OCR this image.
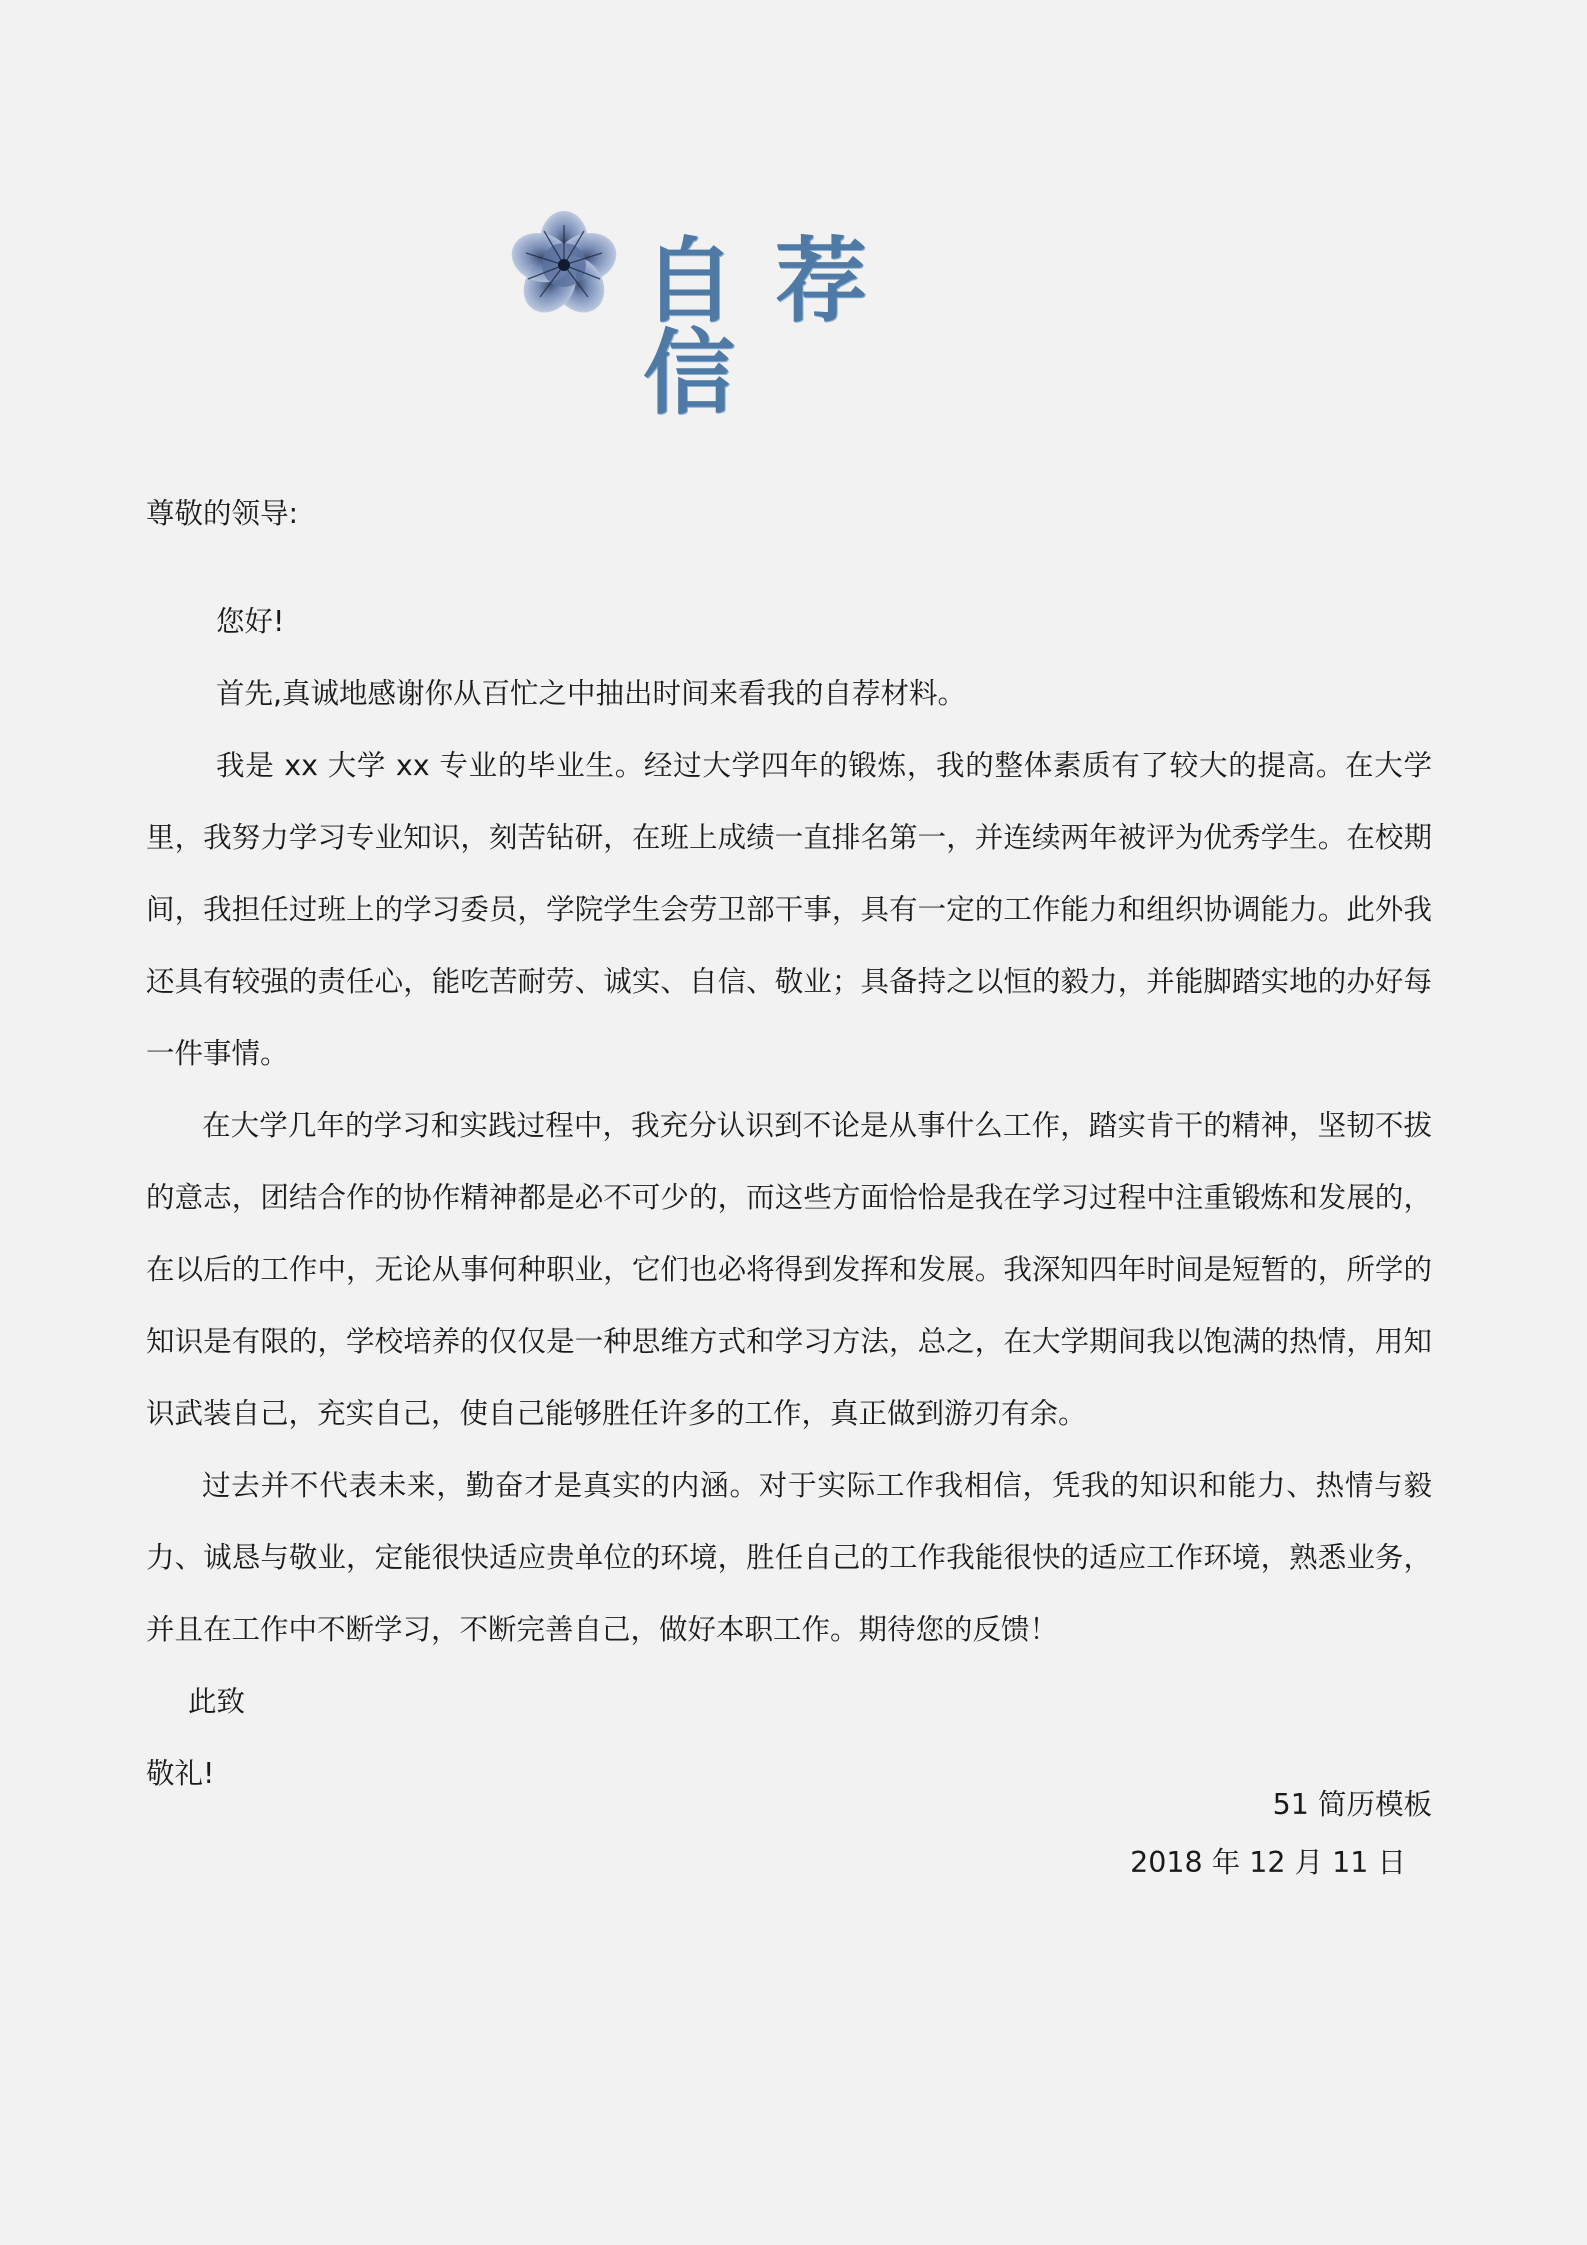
自荐信

尊敬的领导:

您好!

首先,真诚地感谢你从百忙之中抽出时间来看我的自荐材料。

我是 xx 大学 xx 专业的毕业生。经过大学四年的锻炼，我的整体素质有了较大的提高。在大学里，我努力学习专业知识，刻苦钻研，在班上成绩一直排名第一，并连续两年被评为优秀学生。在校期间，我担任过班上的学习委员，学院学生会劳卫部干事，具有一定的工作能力和组织协调能力。此外我还具有较强的责任心，能吃苦耐劳、诚实、自信、敬业；具备持之以恒的毅力，并能脚踏实地的办好每一件事情。

在大学几年的学习和实践过程中，我充分认识到不论是从事什么工作，踏实肯干的精神，坚韧不拔的意志，团结合作的协作精神都是必不可少的，而这些方面恰恰是我在学习过程中注重锻炼和发展的，在以后的工作中，无论从事何种职业，它们也必将得到发挥和发展。我深知四年时间是短暂的，所学的知识是有限的，学校培养的仅仅是一种思维方式和学习方法，总之，在大学期间我以饱满的热情，用知识武装自己，充实自己，使自己能够胜任许多的工作，真正做到游刃有余。

过去并不代表未来，勤奋才是真实的内涵。对于实际工作我相信，凭我的知识和能力、热情与毅力、诚恳与敬业，定能很快适应贵单位的环境，胜任自己的工作我能很快的适应工作环境，熟悉业务，并且在工作中不断学习，不断完善自己，做好本职工作。期待您的反馈！

此致

敬礼!

51 简历模板
2018 年 12 月 11 日
